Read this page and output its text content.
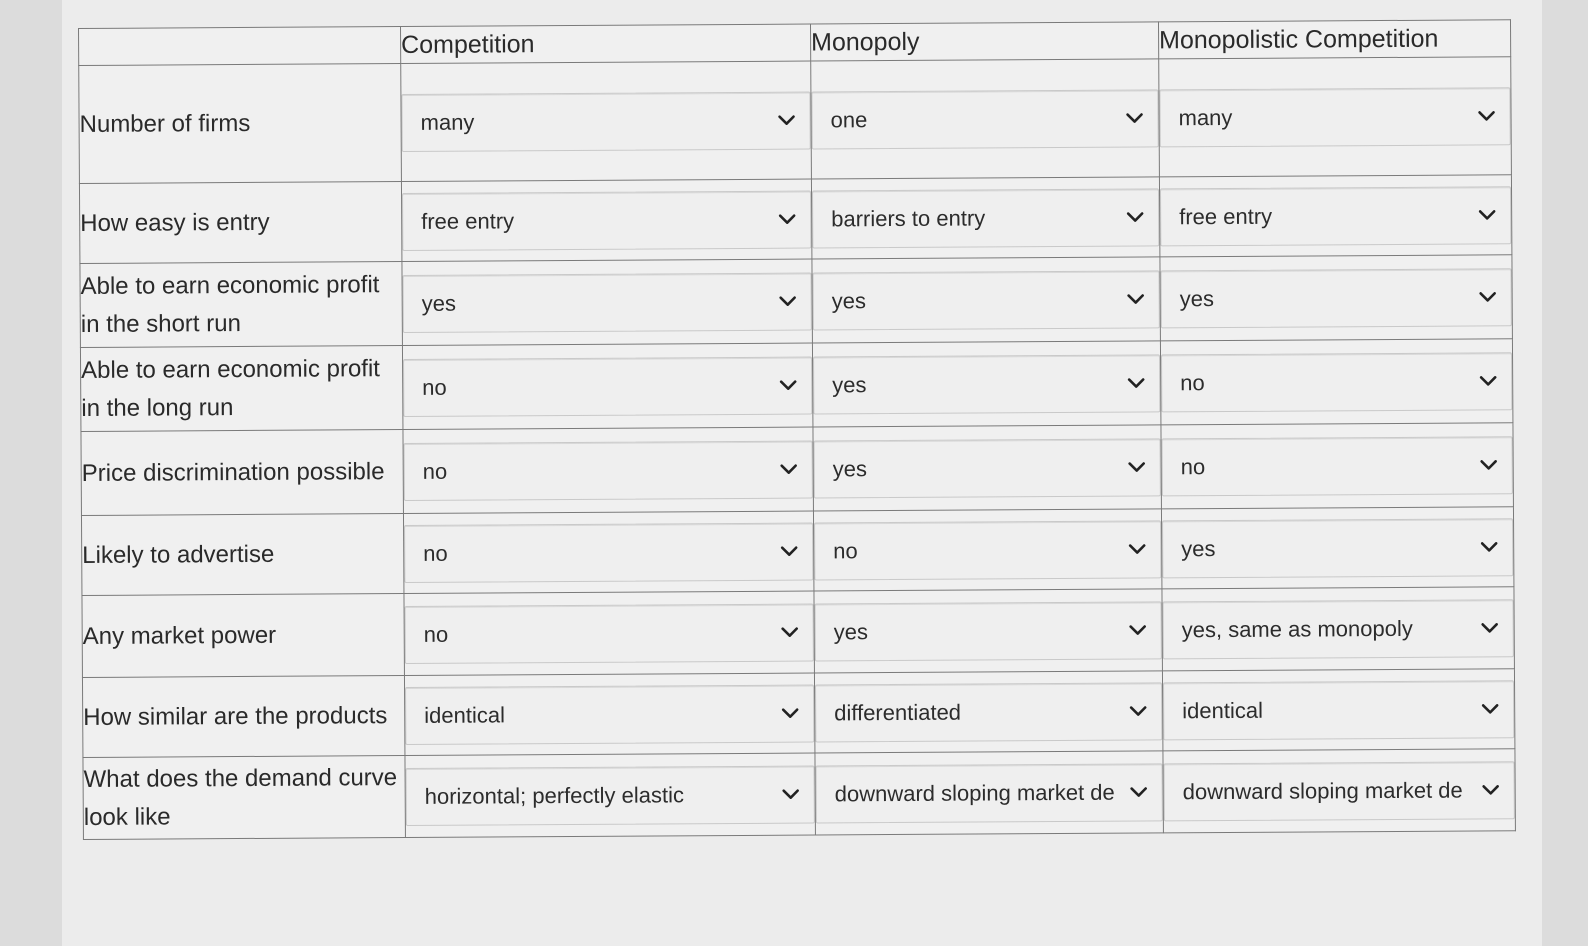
	Competition	Monopoly	Monopolistic Competition
Number of firms	many	one	many

How easy is entry	free entry	barriers to entry	free entry

Able to earn economic profit in the short run	yes	yes	yes

Able to earn economic profit in the long run	no	yes	no

Price discrimination possible	no	yes	no

Likely to advertise	no	no	yes

Any market power	no	yes	yes, same as monopoly

How similar are the products	identical	differentiated	identical

What does the demand curve look like	horizontal; perfectly elastic	downward sloping market de	downward sloping market de
